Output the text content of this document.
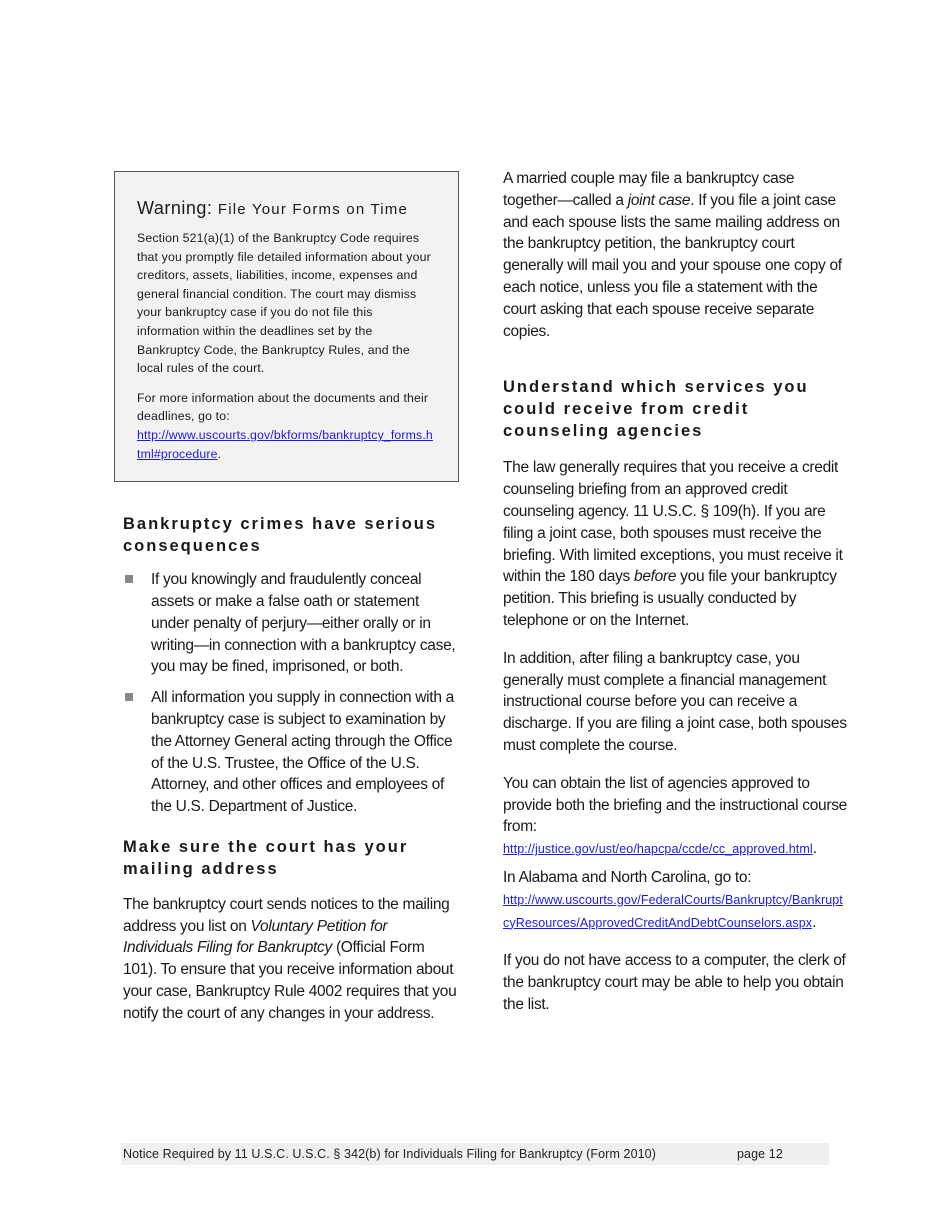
Warning: File Your Forms on Time

Section 521(a)(1) of the Bankruptcy Code requires that you promptly file detailed information about your creditors, assets, liabilities, income, expenses and general financial condition. The court may dismiss your bankruptcy case if you do not file this information within the deadlines set by the Bankruptcy Code, the Bankruptcy Rules, and the local rules of the court.

For more information about the documents and their deadlines, go to:
http://www.uscourts.gov/bkforms/bankruptcy_forms.html#procedure.

Bankruptcy crimes have serious consequences
If you knowingly and fraudulently conceal assets or make a false oath or statement under penalty of perjury—either orally or in writing—in connection with a bankruptcy case, you may be fined, imprisoned, or both.
All information you supply in connection with a bankruptcy case is subject to examination by the Attorney General acting through the Office of the U.S. Trustee, the Office of the U.S. Attorney, and other offices and employees of the U.S. Department of Justice.
Make sure the court has your mailing address

The bankruptcy court sends notices to the mailing address you list on Voluntary Petition for Individuals Filing for Bankruptcy (Official Form 101). To ensure that you receive information about your case, Bankruptcy Rule 4002 requires that you notify the court of any changes in your address.

A married couple may file a bankruptcy case together—called a joint case. If you file a joint case and each spouse lists the same mailing address on the bankruptcy petition, the bankruptcy court generally will mail you and your spouse one copy of each notice, unless you file a statement with the court asking that each spouse receive separate copies.

Understand which services you could receive from credit counseling agencies

The law generally requires that you receive a credit counseling briefing from an approved credit counseling agency. 11 U.S.C. § 109(h). If you are filing a joint case, both spouses must receive the briefing. With limited exceptions, you must receive it within the 180 days before you file your bankruptcy petition. This briefing is usually conducted by telephone or on the Internet.

In addition, after filing a bankruptcy case, you generally must complete a financial management instructional course before you can receive a discharge. If you are filing a joint case, both spouses must complete the course.

You can obtain the list of agencies approved to provide both the briefing and the instructional course from:
http://justice.gov/ust/eo/hapcpa/ccde/cc_approved.html.

In Alabama and North Carolina, go to:
http://www.uscourts.gov/FederalCourts/Bankruptcy/BankruptcyResources/ApprovedCreditAndDebtCounselors.aspx.

If you do not have access to a computer, the clerk of the bankruptcy court may be able to help you obtain the list.

Notice Required by 11 U.S.C. U.S.C. § 342(b) for Individuals Filing for Bankruptcy (Form 2010)	page 12
